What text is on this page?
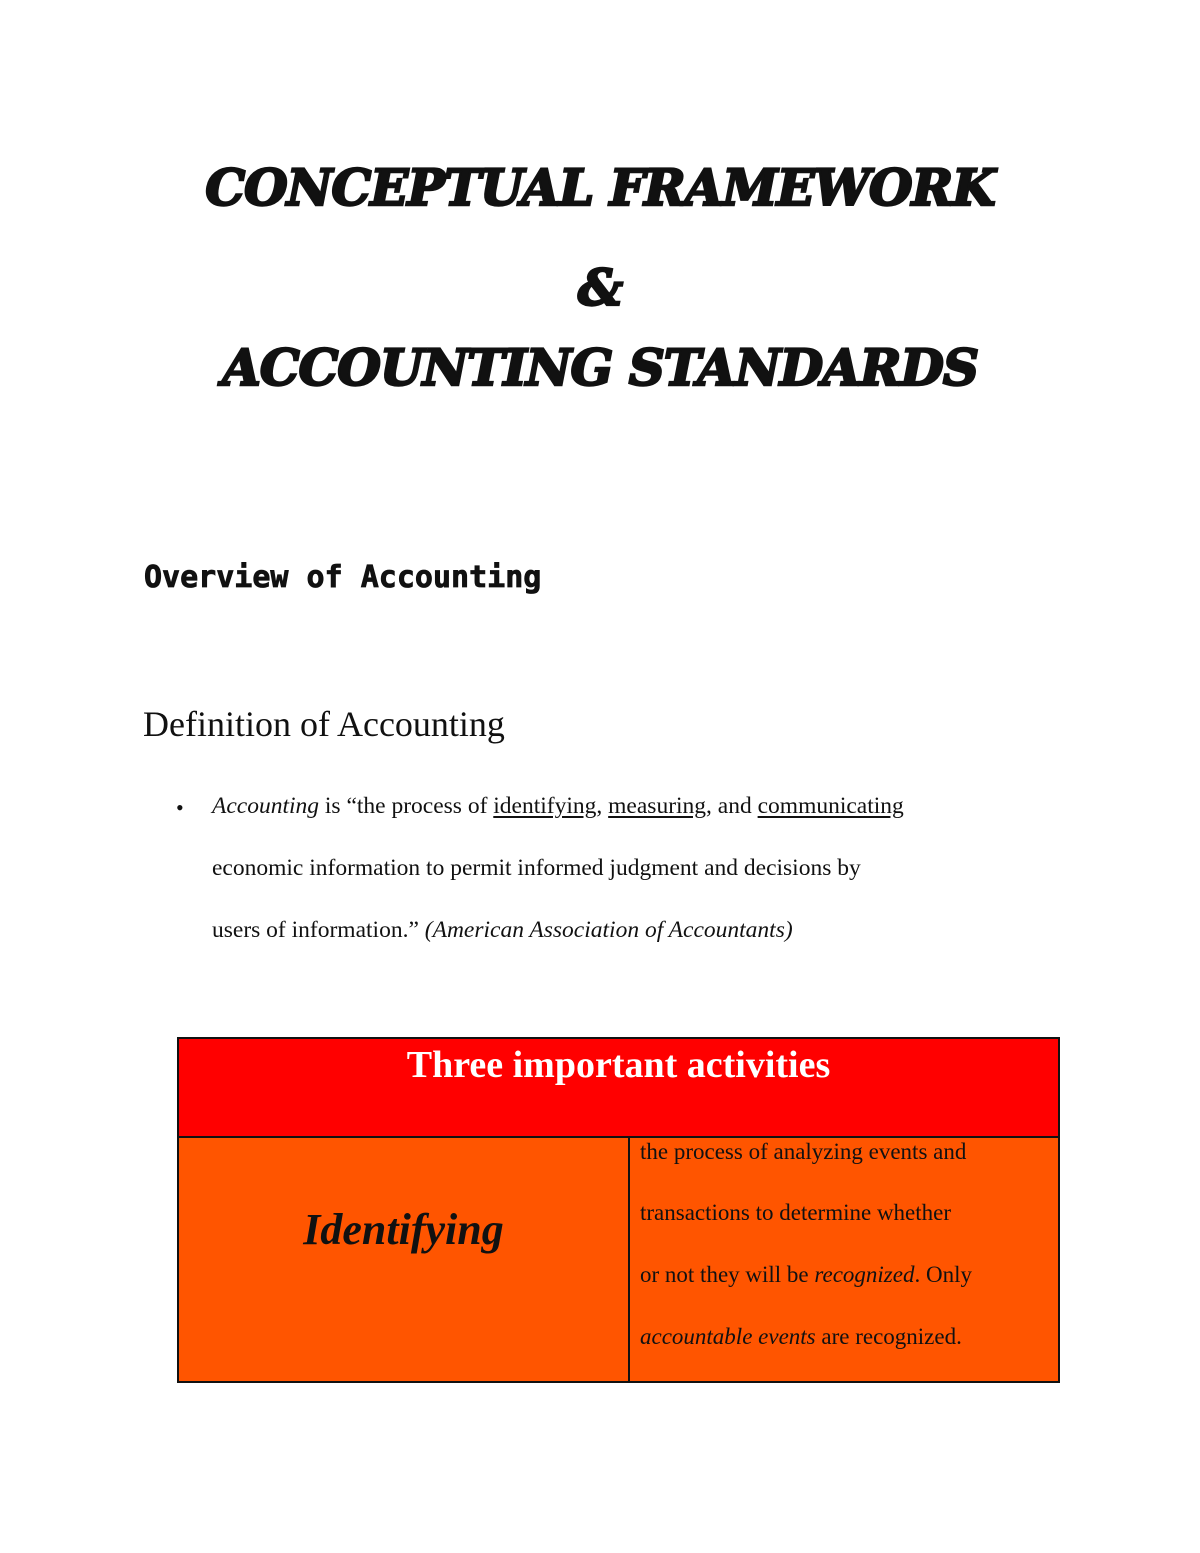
CONCEPTUAL FRAMEWORK
&
ACCOUNTING STANDARDS
Overview of Accounting
Definition of Accounting
• Accounting is “the process of identifying, measuring, and communicating
economic information to permit informed judgment and decisions by
users of information.” (American Association of Accountants)
Three important activities
Identifying
the process of analyzing events and
transactions to determine whether
or not they will be recognized. Only
accountable events are recognized.
